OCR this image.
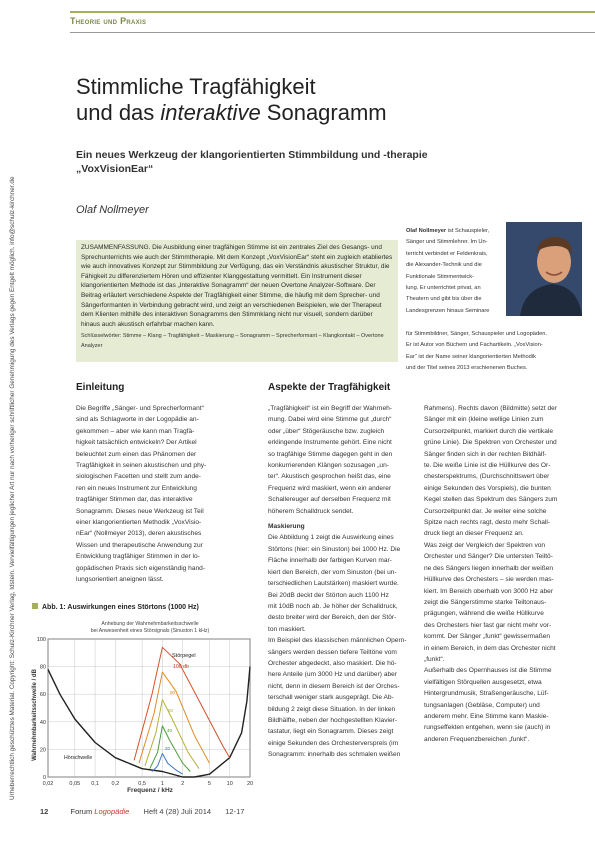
Urheberrechtlich geschütztes Material. Copyright: Schulz-Kirchner Verlag, Idstein. Vervielfältigungen jeglicher Art nur nach vorheriger schriftlicher Genehmigung des Verlags gegen Entgelt möglich. info@schulz-kirchner.de
Theorie und Praxis
Stimmliche Tragfähigkeit
und das interaktive Sonagramm
Ein neues Werkzeug der klangorientierten Stimmbildung und -therapie
„VoxVisionEar“
Olaf Nollmeyer

ZUSAMMENFASSUNG. Die Ausbildung einer tragfähigen Stimme ist ein zentrales Ziel des Gesangs- und Sprechunterrichts wie auch der Stimmtherapie. Mit dem Konzept „VoxVisionEar“ steht ein zugleich etabliertes wie auch innovatives Konzept zur Stimmbildung zur Verfügung, das ein Verständnis akustischer Struktur, die Fähigkeit zu differenziertem Hören und effizienter Klanggestaltung vermittelt. Ein Instrument dieser klangorientierten Methode ist das „Interaktive Sonagramm“ der neuen Overtone Analyzer-Software. Der Beitrag erläutert verschiedene Aspekte der Tragfähigkeit einer Stimme, die häufig mit dem Sprecher- und Sängerformanten in Verbindung gebracht wird, und zeigt an verschiedenen Beispielen, wie der Therapeut dem Klienten mithilfe des interaktiven Sonagramms den Stimmklang nicht nur visuell, sondern darüber hinaus auch akustisch erfahrbar machen kann.

Schlüsselwörter: Stimme – Klang – Tragfähigkeit – Maskierung – Sonagramm – Sprecherformant – Klangkontakt – Overtone Analyzer

Olaf Nollmeyer ist Schauspieler,
Sänger und Stimmlehrer. Im Un-
terricht verbindet er Feldenkrais,
die Alexander-Technik und die
Funktionale Stimmentwick-
lung. Er unterrichtet privat, an
Theatern und gibt bis über die
Landesgrenzen hinaus Seminare
für Stimmbildner, Sänger, Schauspieler und Logopäden.
Er ist Autor von Büchern und Fachartikeln. „VoxVision-
Ear“ ist der Name seiner klangorientierten Methodik
und der Titel seines 2013 erschienenen Buches.
Einleitung

Die Begriffe „Sänger- und Sprecherformant“

sind als Schlagworte in der Logopädie an-

gekommen – aber wie kann man Tragfä-

higkeit tatsächlich entwickeln? Der Artikel

beleuchtet zum einen das Phänomen der

Tragfähigkeit in seinen akustischen und phy-

siologischen Facetten und stellt zum ande-

ren ein neues Instrument zur Entwicklung

tragfähiger Stimmen dar, das interaktive

Sonagramm. Dieses neue Werkzeug ist Teil

einer klangorientierten Methodik „VoxVisio-

nEar“ (Nollmeyer 2013), deren akustisches

Wissen und therapeutische Anwendung zur

Entwicklung tragfähiger Stimmen in der lo-

gopädischen Praxis sich eigenständig hand-

lungsorientiert aneignen lässt.

Abb. 1: Auswirkungen eines Störtons (1000 Hz)
0
20
40
60
80
100
0,02	0,05 0,1 0,2	0,5	1	2	5	10	20
Anhebung der Wahrnehmbarkeitsschwelle
bei Anwesenheit eines Störsignals (Sinuston 1 kHz)
Wahrnehmbarkeitsschwelle / dB
Frequenz / kHz
Störpegel
100 db
Hörschwelle
80
60
40
20
Aspekte der Tragfähigkeit

„Tragfähigkeit“ ist ein Begriff der Wahrneh-

mung. Dabei wird eine Stimme gut „durch“

oder „über“ Stögeräusche bzw. zugleich

erklingende Instrumente gehört. Eine nicht

so tragfähige Stimme dagegen geht in den

konkurrierenden Klängen sozusagen „un-

ter“. Akustisch gesprochen heißt das, eine

Frequenz wird maskiert, wenn ein anderer

Schallereuger auf derselben Frequenz mit

höherem Schalldruck sendet.

Maskierung

Die Abbildung 1 zeigt die Auswirkung eines

Störtons (hier: ein Sinuston) bei 1000 Hz. Die

Fläche innerhalb der farbigen Kurven mar-

kiert den Bereich, der vom Sinuston (bei un-

terschiedlichen Lautstärken) maskiert wurde.

Bei 20dB deckt der Störton auch 1100 Hz

mit 10dB noch ab. Je höher der Schalldruck,

desto breiter wird der Bereich, den der Stör-

ton maskiert.

Im Beispiel des klassischen männlichen Opern-

sängers werden dessen tiefere Teiltöne vom

Orchester abgedeckt, also maskiert. Die hö-

here Anteile (um 3000 Hz und darüber) aber

nicht, denn in diesem Bereich ist der Orches-

terschall weniger stark ausgeprägt. Die Ab-

bildung 2 zeigt diese Situation. In der linken

Bildhälfte, neben der hochgestellten Klavier-

tastatur, liegt ein Sonagramm. Dieses zeigt

einige Sekunden des Orchesterversprels (im

Sonagramm: innerhalb des schmalen weißen

Rahmens). Rechts davon (Bildmitte) setzt der

Sänger mit ein (kleine wellige Linien zum

Cursorzeitpunkt, markiert durch die vertikale

grüne Linie). Die Spektren von Orchester und

Sänger finden sich in der rechten Bildhälf-

te. Die weiße Linie ist die Hüllkurve des Or-

chesterspektrums, (Durchschnittswert über

einige Sekunden des Vorspiels), die bunten

Kegel stellen das Spektrum des Sängers zum

Cursorzeitpunkt dar. Je weiter eine solche

Spitze nach rechts ragt, desto mehr Schall-

druck liegt an dieser Frequenz an.

Was zeigt der Vergleich der Spektren von

Orchester und Sänger? Die untersten Teiltö-

ne des Sängers liegen innerhalb der weißen

Hüllkurve des Orchesters – sie werden mas-

kiert. Im Bereich oberhalb von 3000 Hz aber

zeigt die Sängerstimme starke Teiltonaus-

prägungen, während die weiße Hüllkurve

des Orchesters hier fast gar nicht mehr vor-

kommt. Der Sänger „funkt“ gewissermaßen

in einem Bereich, in dem das Orchester nicht

„funkt“.

Außerhalb des Opernhauses ist die Stimme

vielfältigen Störquellen ausgesetzt, etwa

Hintergrundmusik, Straßengeräusche, Lüf-

tungsanlagen (Gebläse, Computer) und

anderem mehr. Eine Stimme kann Maskie-

rungseffekten entgehen, wenn sie (auch) in

anderen Frequenzbereichen „funkt“.

12	Forum Logopädie Heft 4 (28) Juli 2014 12-17
